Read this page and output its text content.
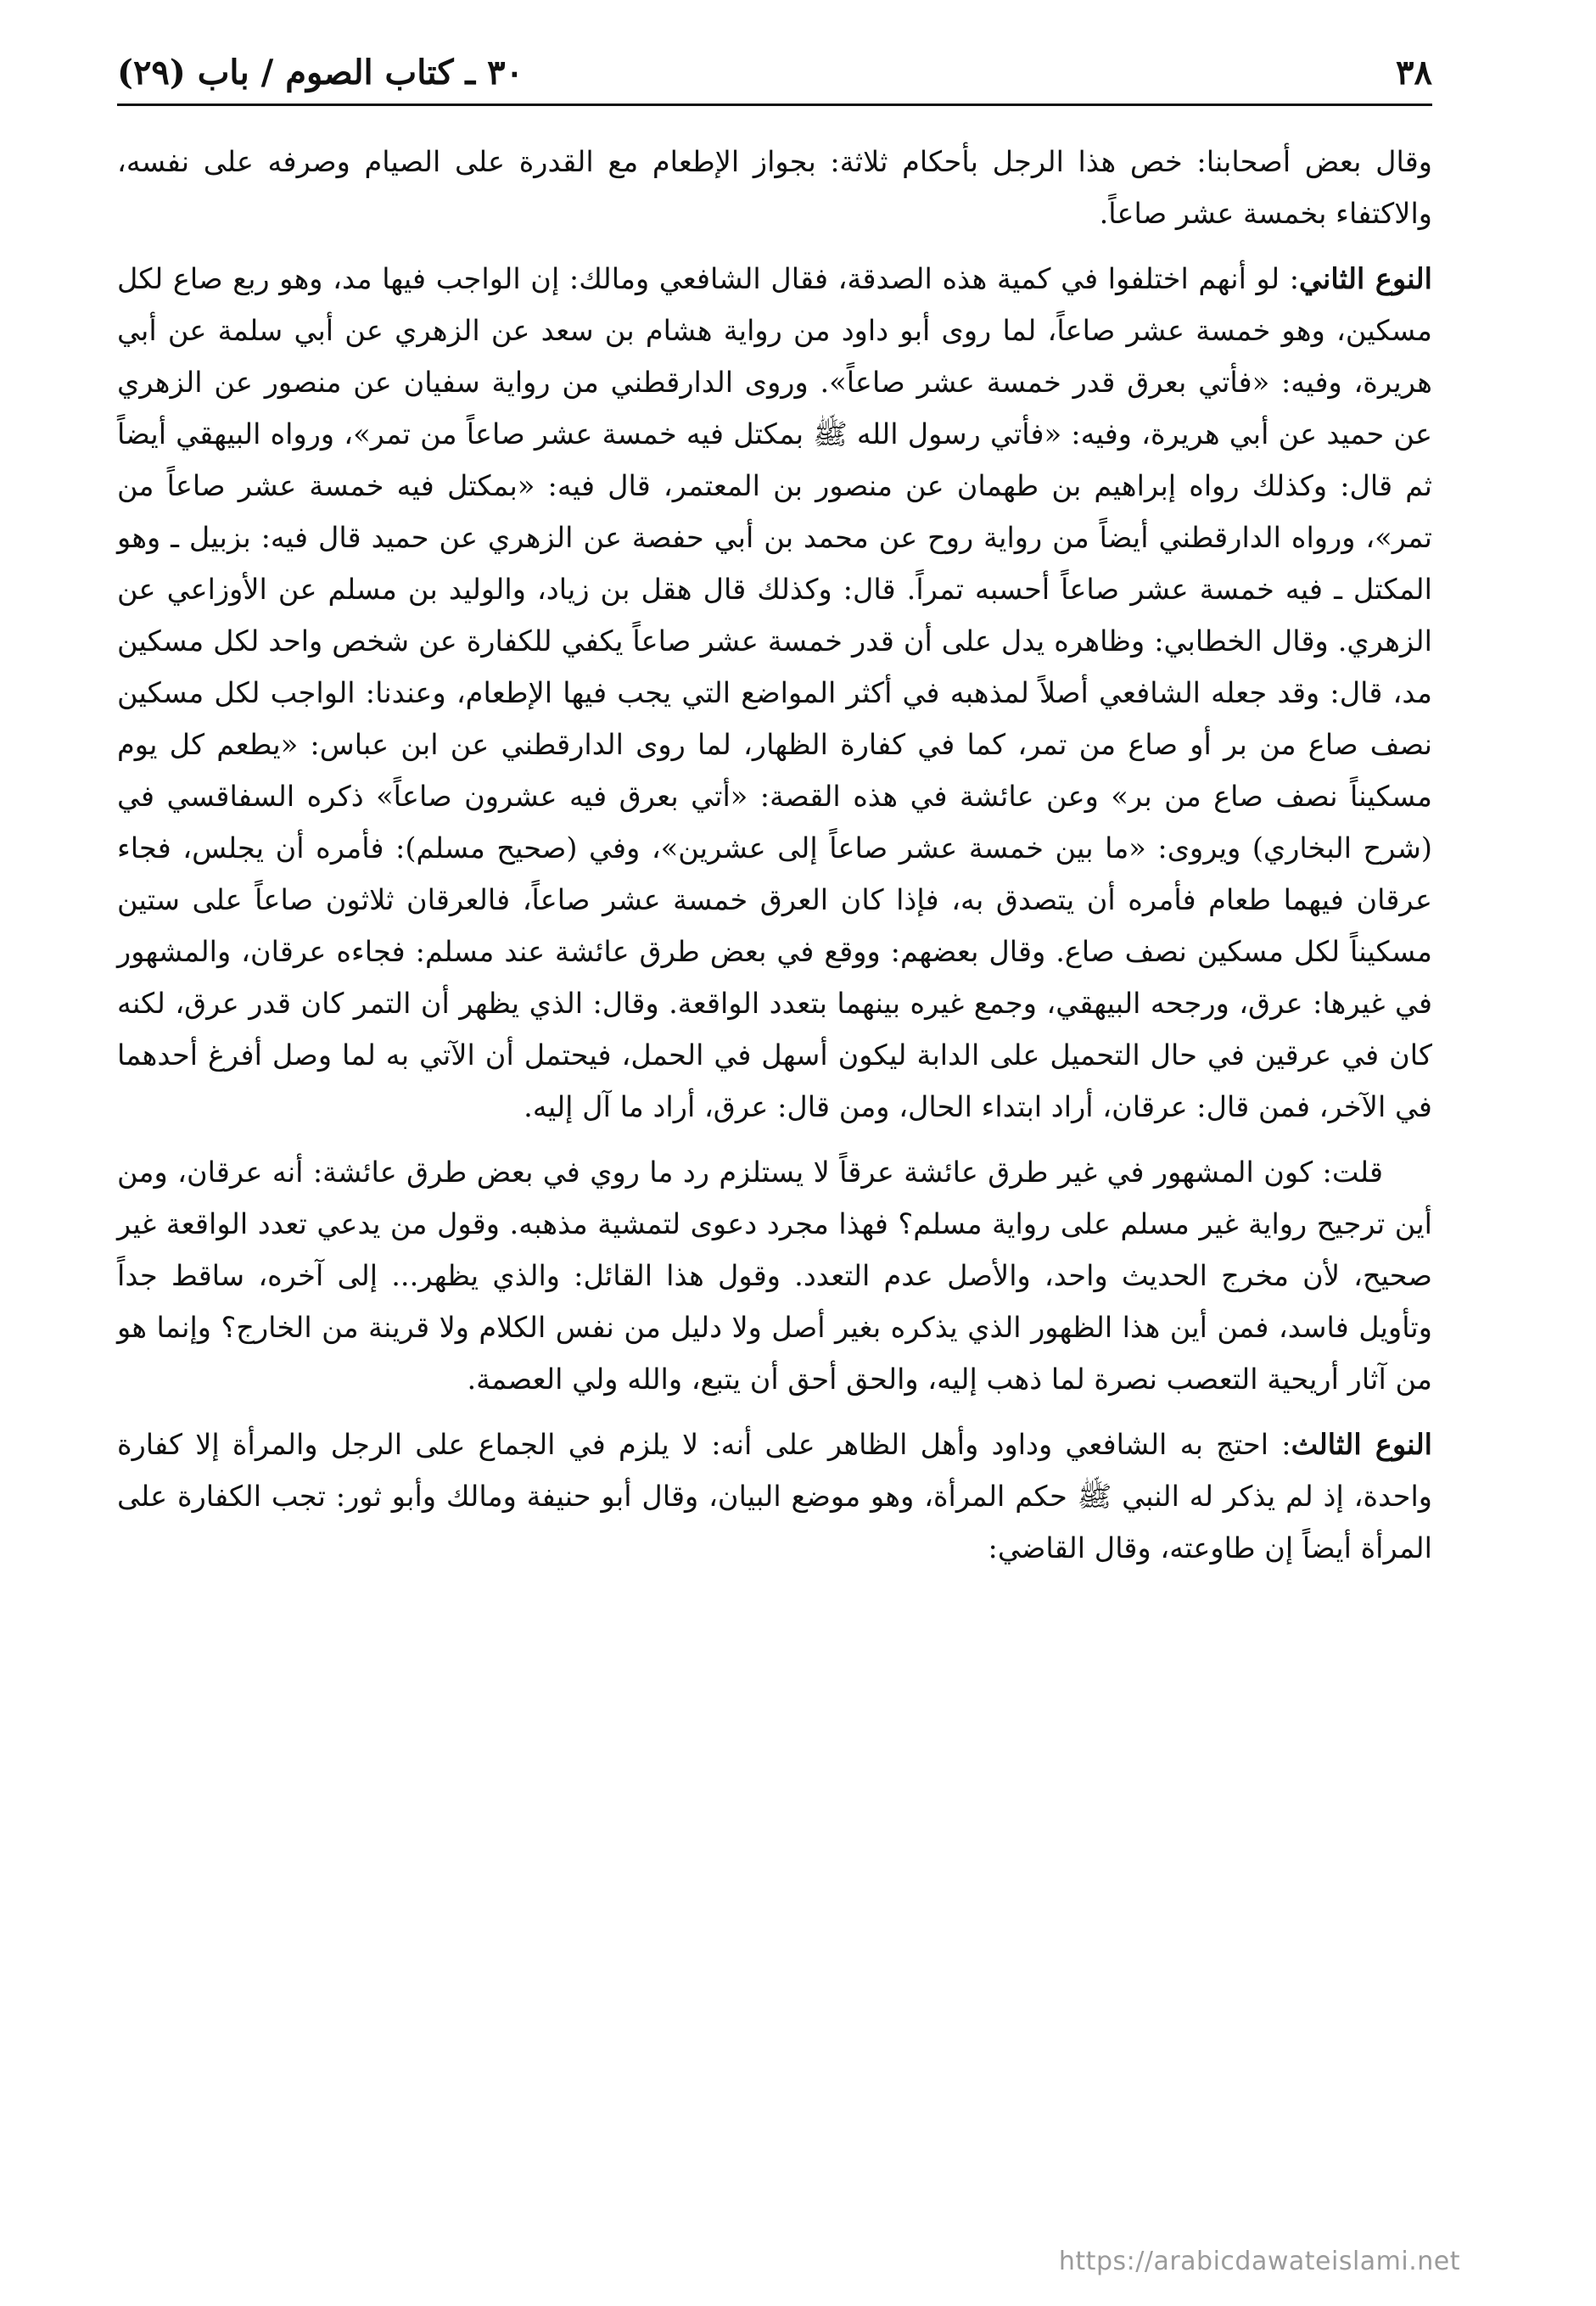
٣٨
٣٠ ـ كتاب الصوم / باب (٢٩)

وقال بعض أصحابنا: خص هذا الرجل بأحكام ثلاثة: بجواز الإطعام مع القدرة على الصيام وصرفه على نفسه، والاكتفاء بخمسة عشر صاعاً.

النوع الثاني: لو أنهم اختلفوا في كمية هذه الصدقة، فقال الشافعي ومالك: إن الواجب فيها مد، وهو ربع صاع لكل مسكين، وهو خمسة عشر صاعاً، لما روى أبو داود من رواية هشام بن سعد عن الزهري عن أبي سلمة عن أبي هريرة، وفيه: «فأتي بعرق قدر خمسة عشر صاعاً». وروى الدارقطني من رواية سفيان عن منصور عن الزهري عن حميد عن أبي هريرة، وفيه: «فأتي رسول الله ﷺ بمكتل فيه خمسة عشر صاعاً من تمر»، ورواه البيهقي أيضاً ثم قال: وكذلك رواه إبراهيم بن طهمان عن منصور بن المعتمر، قال فيه: «بمكتل فيه خمسة عشر صاعاً من تمر»، ورواه الدارقطني أيضاً من رواية روح عن محمد بن أبي حفصة عن الزهري عن حميد قال فيه: بزبيل ـ وهو المكتل ـ فيه خمسة عشر صاعاً أحسبه تمراً. قال: وكذلك قال هقل بن زياد، والوليد بن مسلم عن الأوزاعي عن الزهري. وقال الخطابي: وظاهره يدل على أن قدر خمسة عشر صاعاً يكفي للكفارة عن شخص واحد لكل مسكين مد، قال: وقد جعله الشافعي أصلاً لمذهبه في أكثر المواضع التي يجب فيها الإطعام، وعندنا: الواجب لكل مسكين نصف صاع من بر أو صاع من تمر، كما في كفارة الظهار، لما روى الدارقطني عن ابن عباس: «يطعم كل يوم مسكيناً نصف صاع من بر» وعن عائشة في هذه القصة: «أتي بعرق فيه عشرون صاعاً» ذكره السفاقسي في (شرح البخاري) ويروى: «ما بين خمسة عشر صاعاً إلى عشرين»، وفي (صحيح مسلم): فأمره أن يجلس، فجاء عرقان فيهما طعام فأمره أن يتصدق به، فإذا كان العرق خمسة عشر صاعاً، فالعرقان ثلاثون صاعاً على ستين مسكيناً لكل مسكين نصف صاع. وقال بعضهم: ووقع في بعض طرق عائشة عند مسلم: فجاءه عرقان، والمشهور في غيرها: عرق، ورجحه البيهقي، وجمع غيره بينهما بتعدد الواقعة. وقال: الذي يظهر أن التمر كان قدر عرق، لكنه كان في عرقين في حال التحميل على الدابة ليكون أسهل في الحمل، فيحتمل أن الآتي به لما وصل أفرغ أحدهما في الآخر، فمن قال: عرقان، أراد ابتداء الحال، ومن قال: عرق، أراد ما آل إليه.

قلت: كون المشهور في غير طرق عائشة عرقاً لا يستلزم رد ما روي في بعض طرق عائشة: أنه عرقان، ومن أين ترجيح رواية غير مسلم على رواية مسلم؟ فهذا مجرد دعوى لتمشية مذهبه. وقول من يدعي تعدد الواقعة غير صحيح، لأن مخرج الحديث واحد، والأصل عدم التعدد. وقول هذا القائل: والذي يظهر... إلى آخره، ساقط جداً وتأويل فاسد، فمن أين هذا الظهور الذي يذكره بغير أصل ولا دليل من نفس الكلام ولا قرينة من الخارج؟ وإنما هو من آثار أريحية التعصب نصرة لما ذهب إليه، والحق أحق أن يتبع، والله ولي العصمة.

النوع الثالث: احتج به الشافعي وداود وأهل الظاهر على أنه: لا يلزم في الجماع على الرجل والمرأة إلا كفارة واحدة، إذ لم يذكر له النبي ﷺ حكم المرأة، وهو موضع البيان، وقال أبو حنيفة ومالك وأبو ثور: تجب الكفارة على المرأة أيضاً إن طاوعته، وقال القاضي:

https://arabicdawateislami.net
